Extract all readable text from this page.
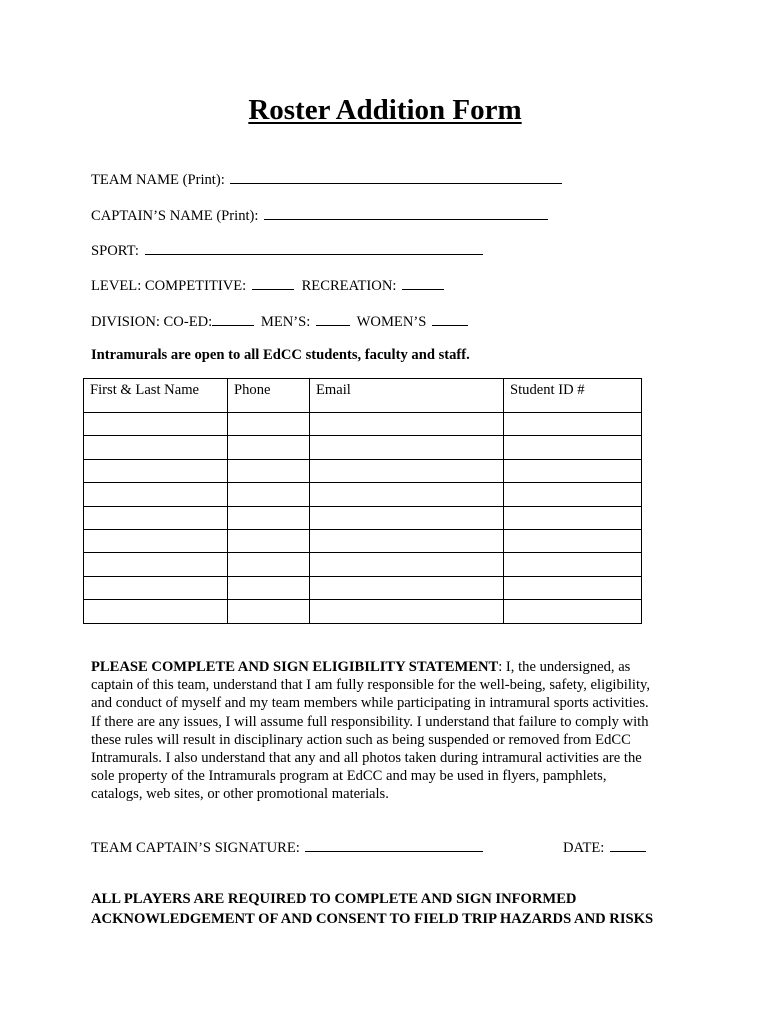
Roster Addition Form
TEAM NAME (Print):
CAPTAIN’S NAME (Print):
SPORT:
LEVEL: COMPETITIVE:	RECREATION:
DIVISION: CO-ED:	MEN’S:	WOMEN’S
Intramurals are open to all EdCC students, faculty and staff.
First & Last Name	Phone	Email	Student ID #

PLEASE COMPLETE AND SIGN ELIGIBILITY STATEMENT: I, the undersigned, as
captain of this team, understand that I am fully responsible for the well-being, safety, eligibility,
and conduct of myself and my team members while participating in intramural sports activities.
If there are any issues, I will assume full responsibility. I understand that failure to comply with
these rules will result in disciplinary action such as being suspended or removed from EdCC
Intramurals. I also understand that any and all photos taken during intramural activities are the
sole property of the Intramurals program at EdCC and may be used in flyers, pamphlets,
catalogs, web sites, or other promotional materials.

TEAM CAPTAIN’S SIGNATURE:	DATE:

ALL PLAYERS ARE REQUIRED TO COMPLETE AND SIGN INFORMED
ACKNOWLEDGEMENT OF AND CONSENT TO FIELD TRIP HAZARDS AND RISKS
